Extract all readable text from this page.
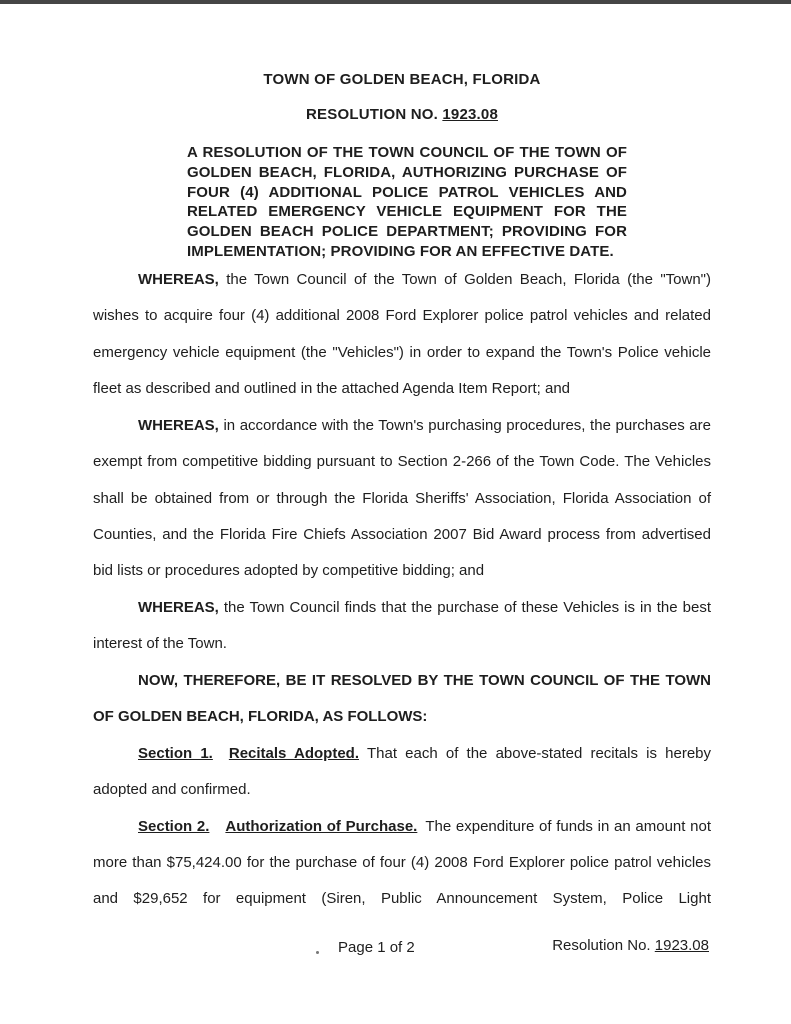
TOWN OF GOLDEN BEACH, FLORIDA
RESOLUTION NO. 1923.08
A RESOLUTION OF THE TOWN COUNCIL OF THE TOWN OF GOLDEN BEACH, FLORIDA, AUTHORIZING PURCHASE OF FOUR (4) ADDITIONAL POLICE PATROL VEHICLES AND RELATED EMERGENCY VEHICLE EQUIPMENT FOR THE GOLDEN BEACH POLICE DEPARTMENT; PROVIDING FOR IMPLEMENTATION; PROVIDING FOR AN EFFECTIVE DATE.

WHEREAS, the Town Council of the Town of Golden Beach, Florida (the "Town") wishes to acquire four (4) additional 2008 Ford Explorer police patrol vehicles and related emergency vehicle equipment (the "Vehicles") in order to expand the Town's Police vehicle fleet as described and outlined in the attached Agenda Item Report; and

WHEREAS, in accordance with the Town's purchasing procedures, the purchases are exempt from competitive bidding pursuant to Section 2-266 of the Town Code. The Vehicles shall be obtained from or through the Florida Sheriffs' Association, Florida Association of Counties, and the Florida Fire Chiefs Association 2007 Bid Award process from advertised bid lists or procedures adopted by competitive bidding; and

WHEREAS, the Town Council finds that the purchase of these Vehicles is in the best interest of the Town.

NOW, THEREFORE, BE IT RESOLVED BY THE TOWN COUNCIL OF THE TOWN OF GOLDEN BEACH, FLORIDA, AS FOLLOWS:

Section 1. Recitals Adopted. That each of the above-stated recitals is hereby adopted and confirmed.

Section 2. Authorization of Purchase. The expenditure of funds in an amount not more than $75,424.00 for the purchase of four (4) 2008 Ford Explorer police patrol vehicles and $29,652 for equipment (Siren, Public Announcement System, Police Light

Page 1 of 2	Resolution No. 1923.08
